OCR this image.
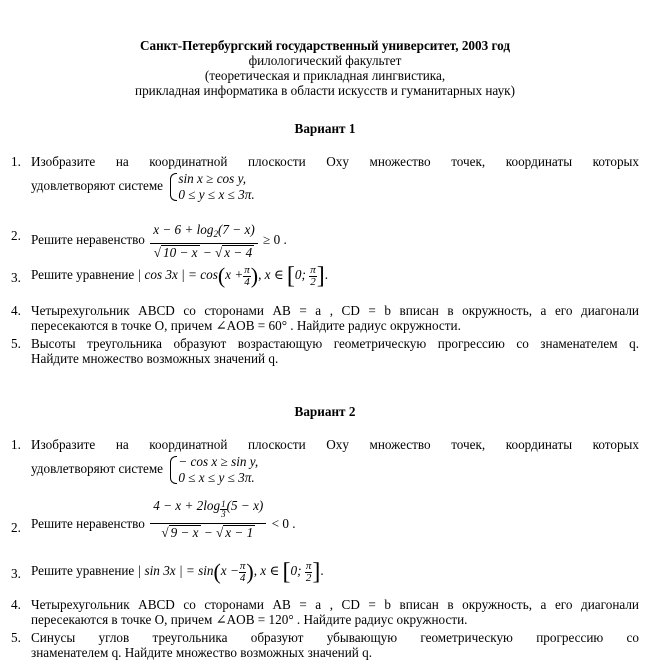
Санкт-Петербургский государственный университет, 2003 год
филологический факультет
(теоретическая и прикладная лингвистика,
прикладная информатика в области искусств и гуманитарных наук)
Вариант 1
1. Изобразите на координатной плоскости Oxy множество точек, координаты которых
удовлетворяют системе sin x ≥ cos y,
0 ≤ y ≤ x ≤ 3π.
2. Решите неравенство $\frac{x - 6 + \log_2(7 - x)}{√ 10 - x - √ x - 4} \ge 0$ .
3. Решите уравнение | cos 3x | = $\cos(x + \frac{\pi}{4}$ ), x ∈ [0; $\frac{\pi}{2}$ ].
4. Четырехугольник ABCD со сторонами AB = a , CD = b вписан в окружность, а его диагонали
пересекаются в точке O, причем ∠AOB = 60° . Найдите радиус окружности.
5. Высоты треугольника образуют возрастающую геометрическую прогрессию со знаменателем q.
Найдите множество возможных значений q.
Вариант 2
1. Изобразите на координатной плоскости Oxy множество точек, координаты которых
удовлетворяют системе − cos x ≥ sin y,
0 ≤ x ≤ y ≤ 3π.
2. Решите неравенство $\frac{4 - x + 2\log \frac{1}{3} (5 - x)}{√ 9 - x - √ x - 1} < 0$ .
3. Решите уравнение | sin 3x | = $\sin(x - \frac{\pi}{4}$ ), x ∈ [0; $\frac{\pi}{2}$ ].
4. Четырехугольник ABCD со сторонами AB = a , CD = b вписан в окружность, а его диагонали
пересекаются в точке O, причем ∠AOB = 120° . Найдите радиус окружности.
5. Синусы углов треугольника образуют убывающую геометрическую прогрессию со
знаменателем q. Найдите множество возможных значений q.
